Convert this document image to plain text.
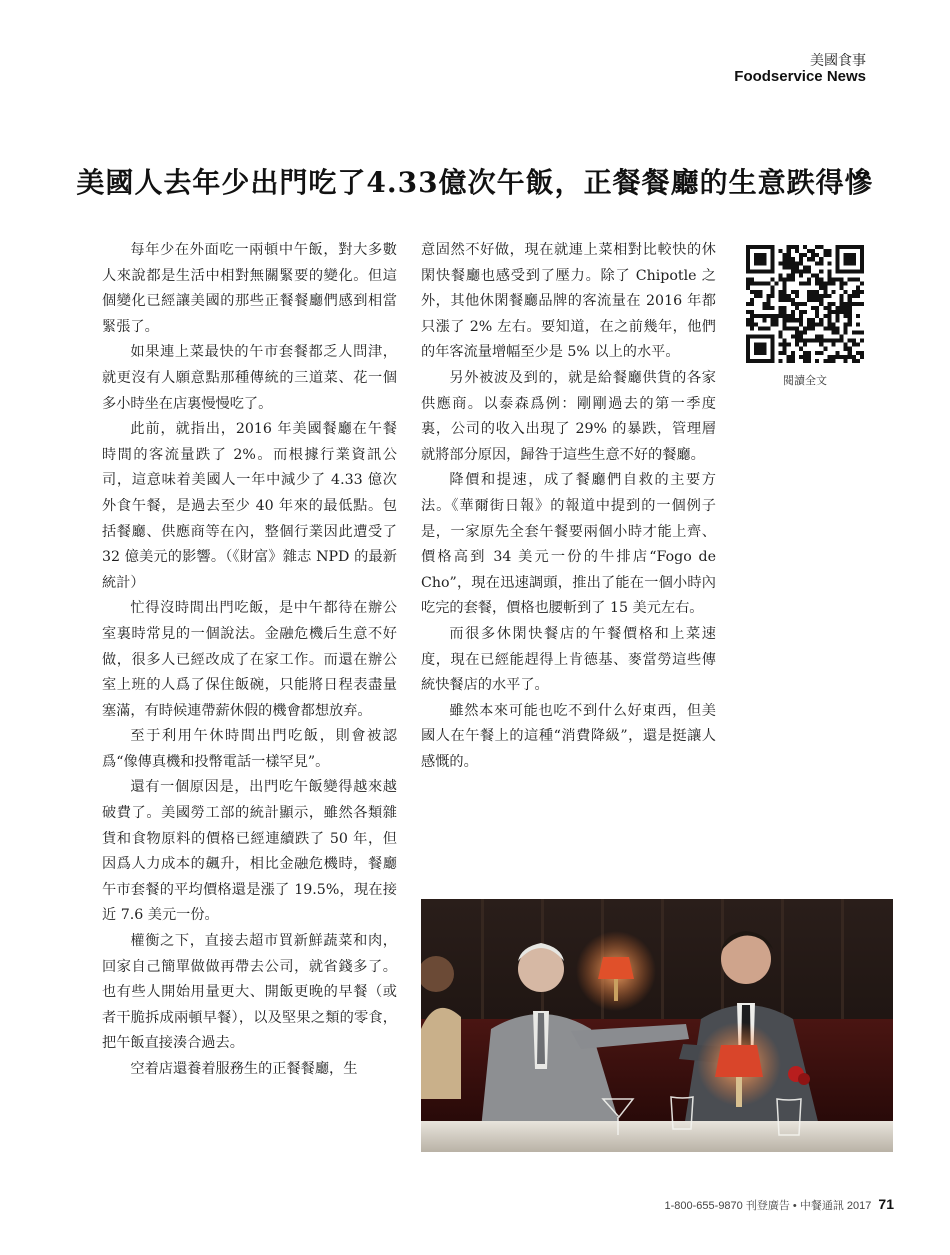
美國食事
Foodservice News
美國人去年少出門吃了4.33億次午飯，正餐餐廳的生意跌得慘

每年少在外面吃一兩頓中午飯，對大多數人來說都是生活中相對無關緊要的變化。但這個變化已經讓美國的那些正餐餐廳們感到相當緊張了。

如果連上菜最快的午市套餐都乏人問津，就更沒有人願意點那種傳統的三道菜、花一個多小時坐在店裏慢慢吃了。

此前，就指出，2016 年美國餐廳在午餐時間的客流量跌了 2%。而根據行業資訊公司，這意味着美國人一年中減少了 4.33 億次外食午餐，是過去至少 40 年來的最低點。包括餐廳、供應商等在內，整個行業因此遭受了 32 億美元的影響。（《財富》雜志 NPD 的最新統計）

忙得沒時間出門吃飯，是中午都待在辦公室裏時常見的一個說法。金融危機后生意不好做，很多人已經改成了在家工作。而還在辦公室上班的人爲了保住飯碗，只能將日程表盡量塞滿，有時候連帶薪休假的機會都想放弃。

至于利用午休時間出門吃飯，則會被認爲“像傳真機和投幣電話一樣罕見”。

還有一個原因是，出門吃午飯變得越來越破費了。美國勞工部的統計顯示，雖然各類雜貨和食物原料的價格已經連續跌了 50 年，但因爲人力成本的飆升，相比金融危機時，餐廳午市套餐的平均價格還是漲了 19.5%，現在接近 7.6 美元一份。

權衡之下，直接去超市買新鮮蔬菜和肉，回家自己簡單做做再帶去公司，就省錢多了。也有些人開始用量更大、開飯更晚的早餐（或者干脆拆成兩頓早餐），以及堅果之類的零食，把午飯直接湊合過去。

空着店還養着服務生的正餐餐廳，生

意固然不好做，現在就連上菜相對比較快的休閑快餐廳也感受到了壓力。除了 Chipotle 之外，其他休閑餐廳品牌的客流量在 2016 年都只漲了 2% 左右。要知道，在之前幾年，他們的年客流量增幅至少是 5% 以上的水平。

另外被波及到的，就是給餐廳供貨的各家供應商。以泰森爲例：剛剛過去的第一季度裏，公司的收入出現了 29% 的暴跌，管理層就將部分原因，歸咎于這些生意不好的餐廳。

降價和提速，成了餐廳們自救的主要方法。《華爾街日報》的報道中提到的一個例子是，一家原先全套午餐要兩個小時才能上齊、價格高到 34 美元一份的牛排店“Fogo de Cho”，現在迅速調頭，推出了能在一個小時內吃完的套餐，價格也腰斬到了 15 美元左右。

而很多休閑快餐店的午餐價格和上菜速度，現在已經能趕得上肯德基、麥當勞這些傳統快餐店的水平了。

雖然本來可能也吃不到什么好東西，但美國人在午餐上的這種“消費降級”，還是挺讓人感慨的。

閱讀全文
1-800-655-9870 刊登廣告 • 中餐通訊 2017 71
